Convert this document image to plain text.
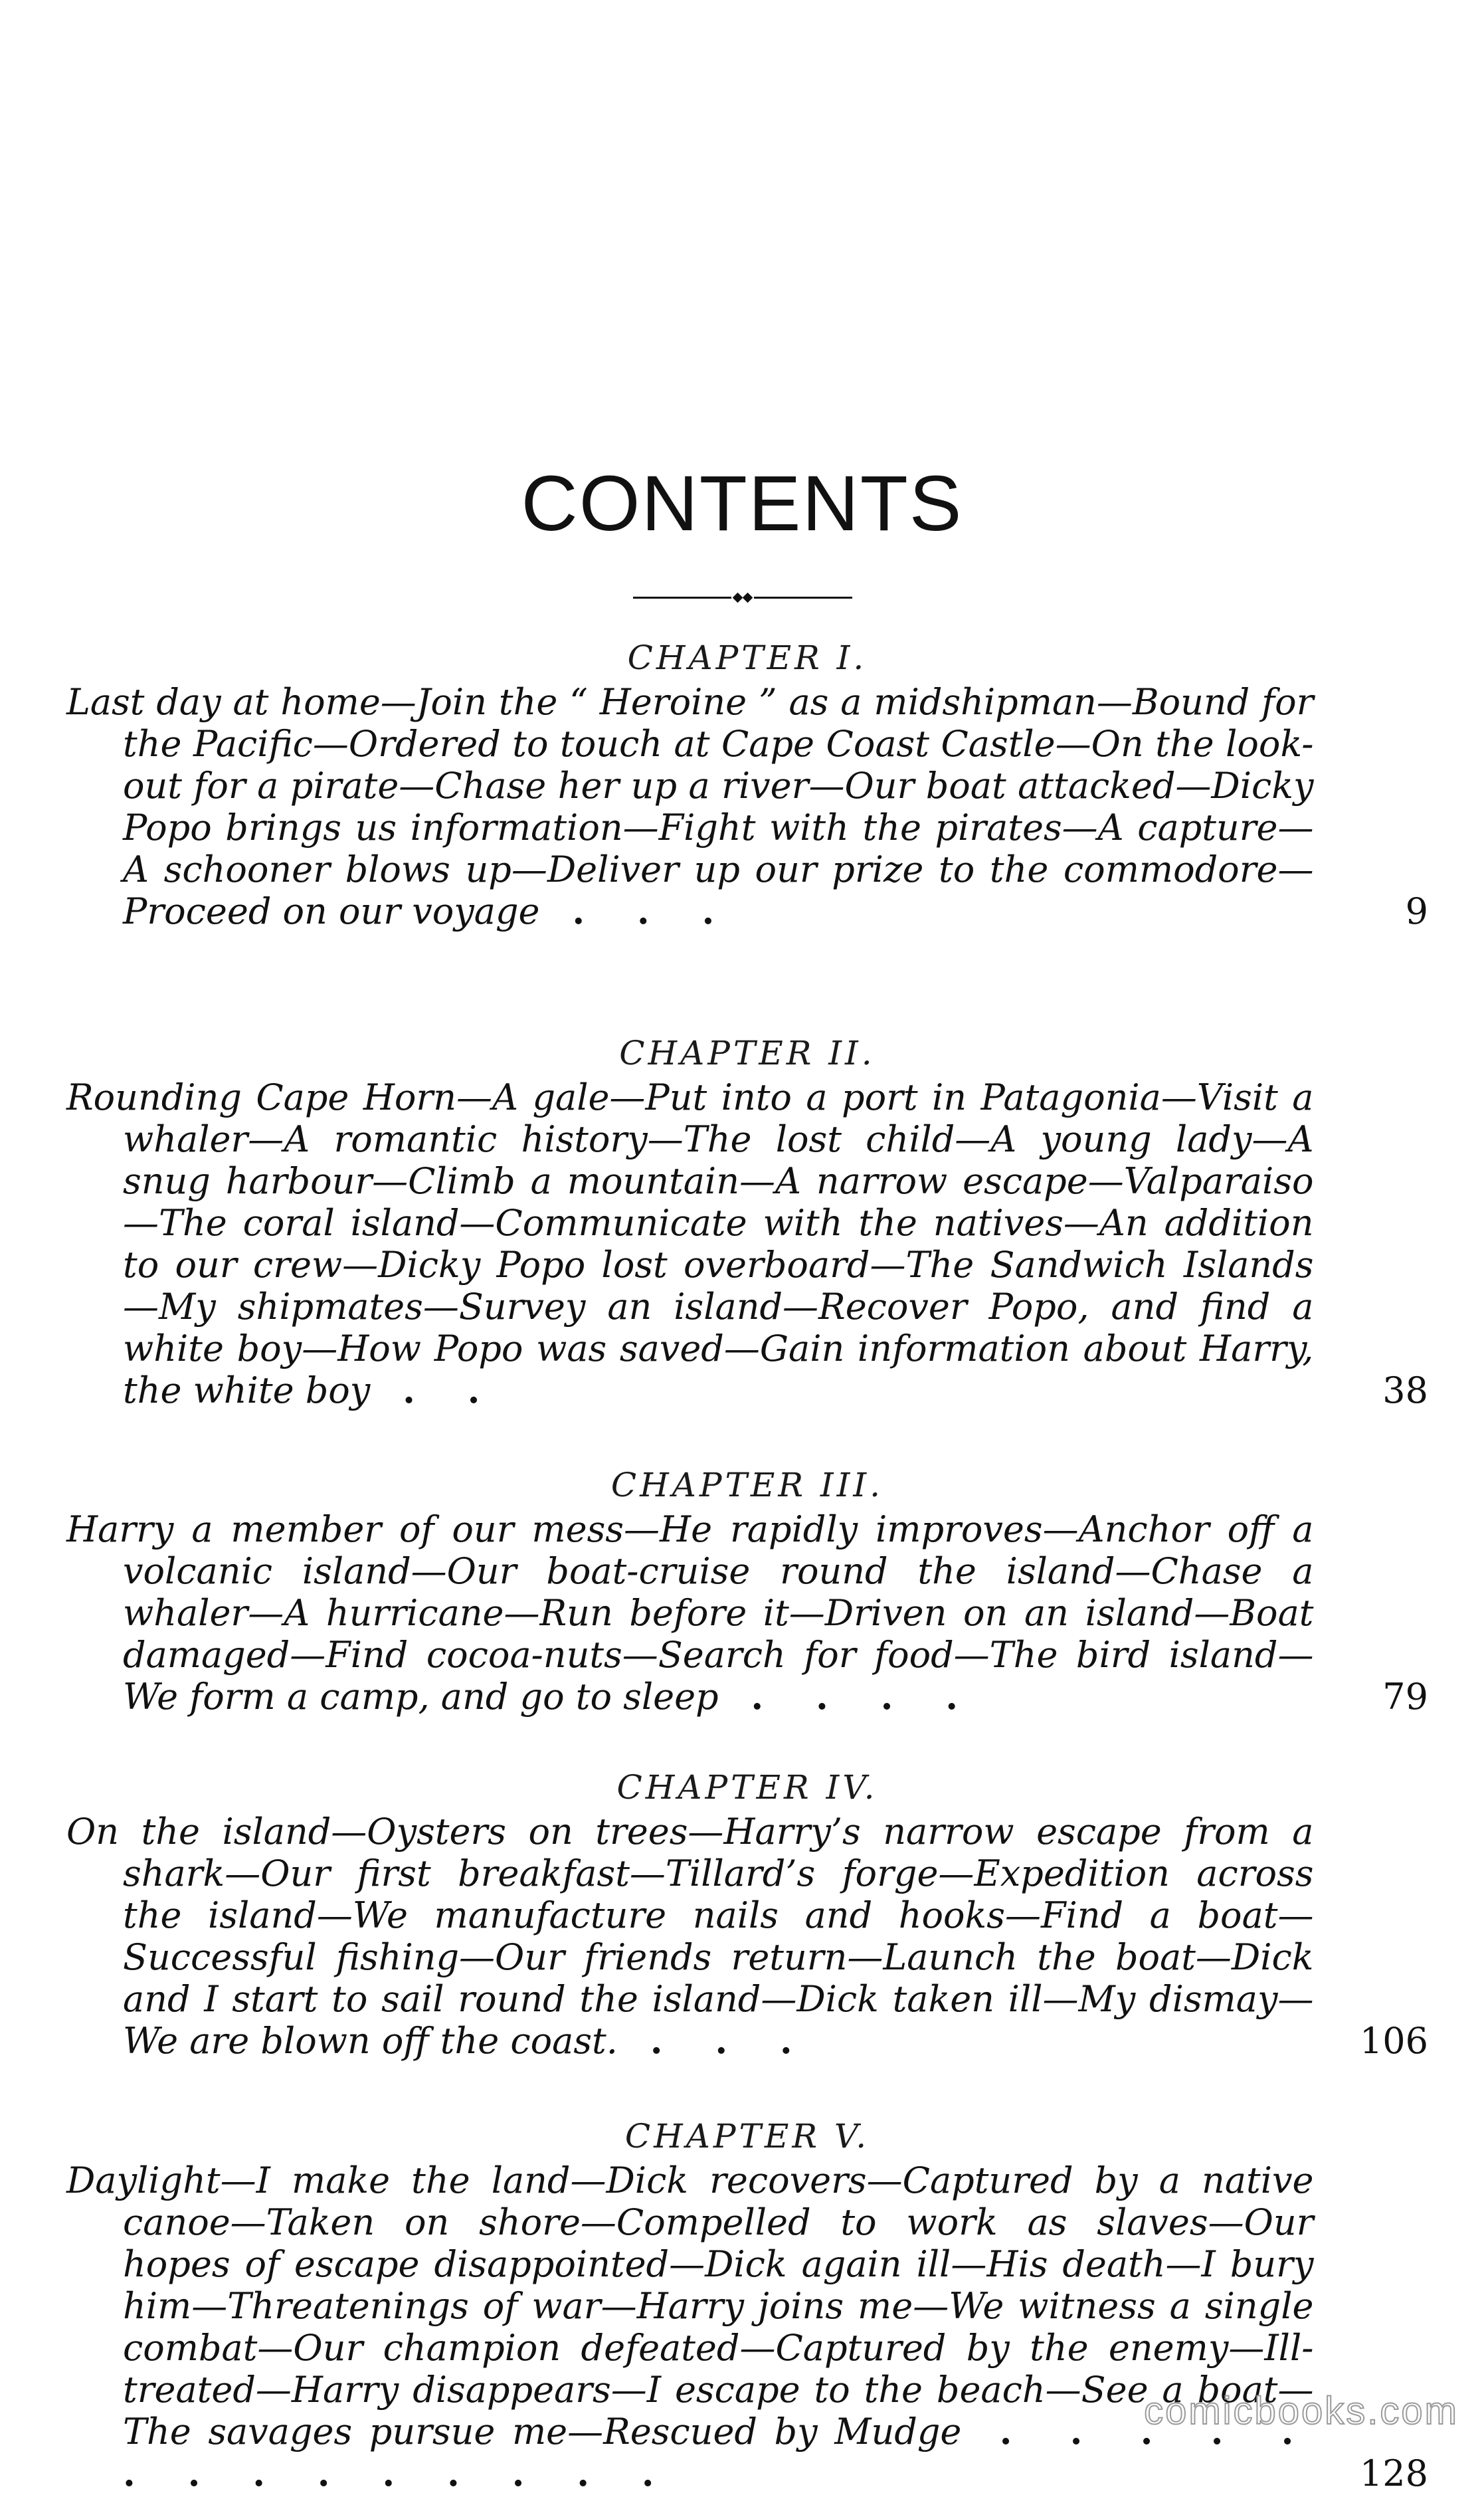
CONTENTS
CHAPTER I.
Last day at home—Join the “ Heroine ” as a midshipman—Bound for the Pacific—Ordered to touch at Cape Coast Castle—On the look-out for a pirate—Chase her up a river—Our boat attacked—Dicky Popo brings us information—Fight with the pirates—A capture—A schooner blows up—Deliver up our prize to the commodore—Proceed on our voyage . . .	9
CHAPTER II.
Rounding Cape Horn—A gale—Put into a port in Patagonia—Visit a whaler—A romantic history—The lost child—A young lady—A snug harbour—Climb a mountain—A narrow escape—Valparaiso—The coral island—Communicate with the natives—An addition to our crew—Dicky Popo lost overboard—The Sandwich Islands—My shipmates—Survey an island—Recover Popo, and find a white boy—How Popo was saved—Gain information about Harry, the white boy . .	38
CHAPTER III.
Harry a member of our mess—He rapidly improves—Anchor off a volcanic island—Our boat-cruise round the island—Chase a whaler—A hurricane—Run before it—Driven on an island—Boat damaged—Find cocoa-nuts—Search for food—The bird island—We form a camp, and go to sleep . . . .	79
CHAPTER IV.
On the island—Oysters on trees—Harry’s narrow escape from a shark—Our first breakfast—Tillard’s forge—Expedition across the island—We manufacture nails and hooks—Find a boat—Successful fishing—Our friends return—Launch the boat—Dick and I start to sail round the island—Dick taken ill—My dismay—We are blown off the coast. . . .	106
CHAPTER V.
Daylight—I make the land—Dick recovers—Captured by a native canoe—Taken on shore—Compelled to work as slaves—Our hopes of escape disappointed—Dick again ill—His death—I bury him—Threatenings of war—Harry joins me—We witness a single combat—Our champion defeated—Captured by the enemy—Ill-treated—Harry disappears—I escape to the beach—See a boat—The savages pursue me—Rescued by Mudge . . . . . . . . . . . . . .	128
comicbooks.com
